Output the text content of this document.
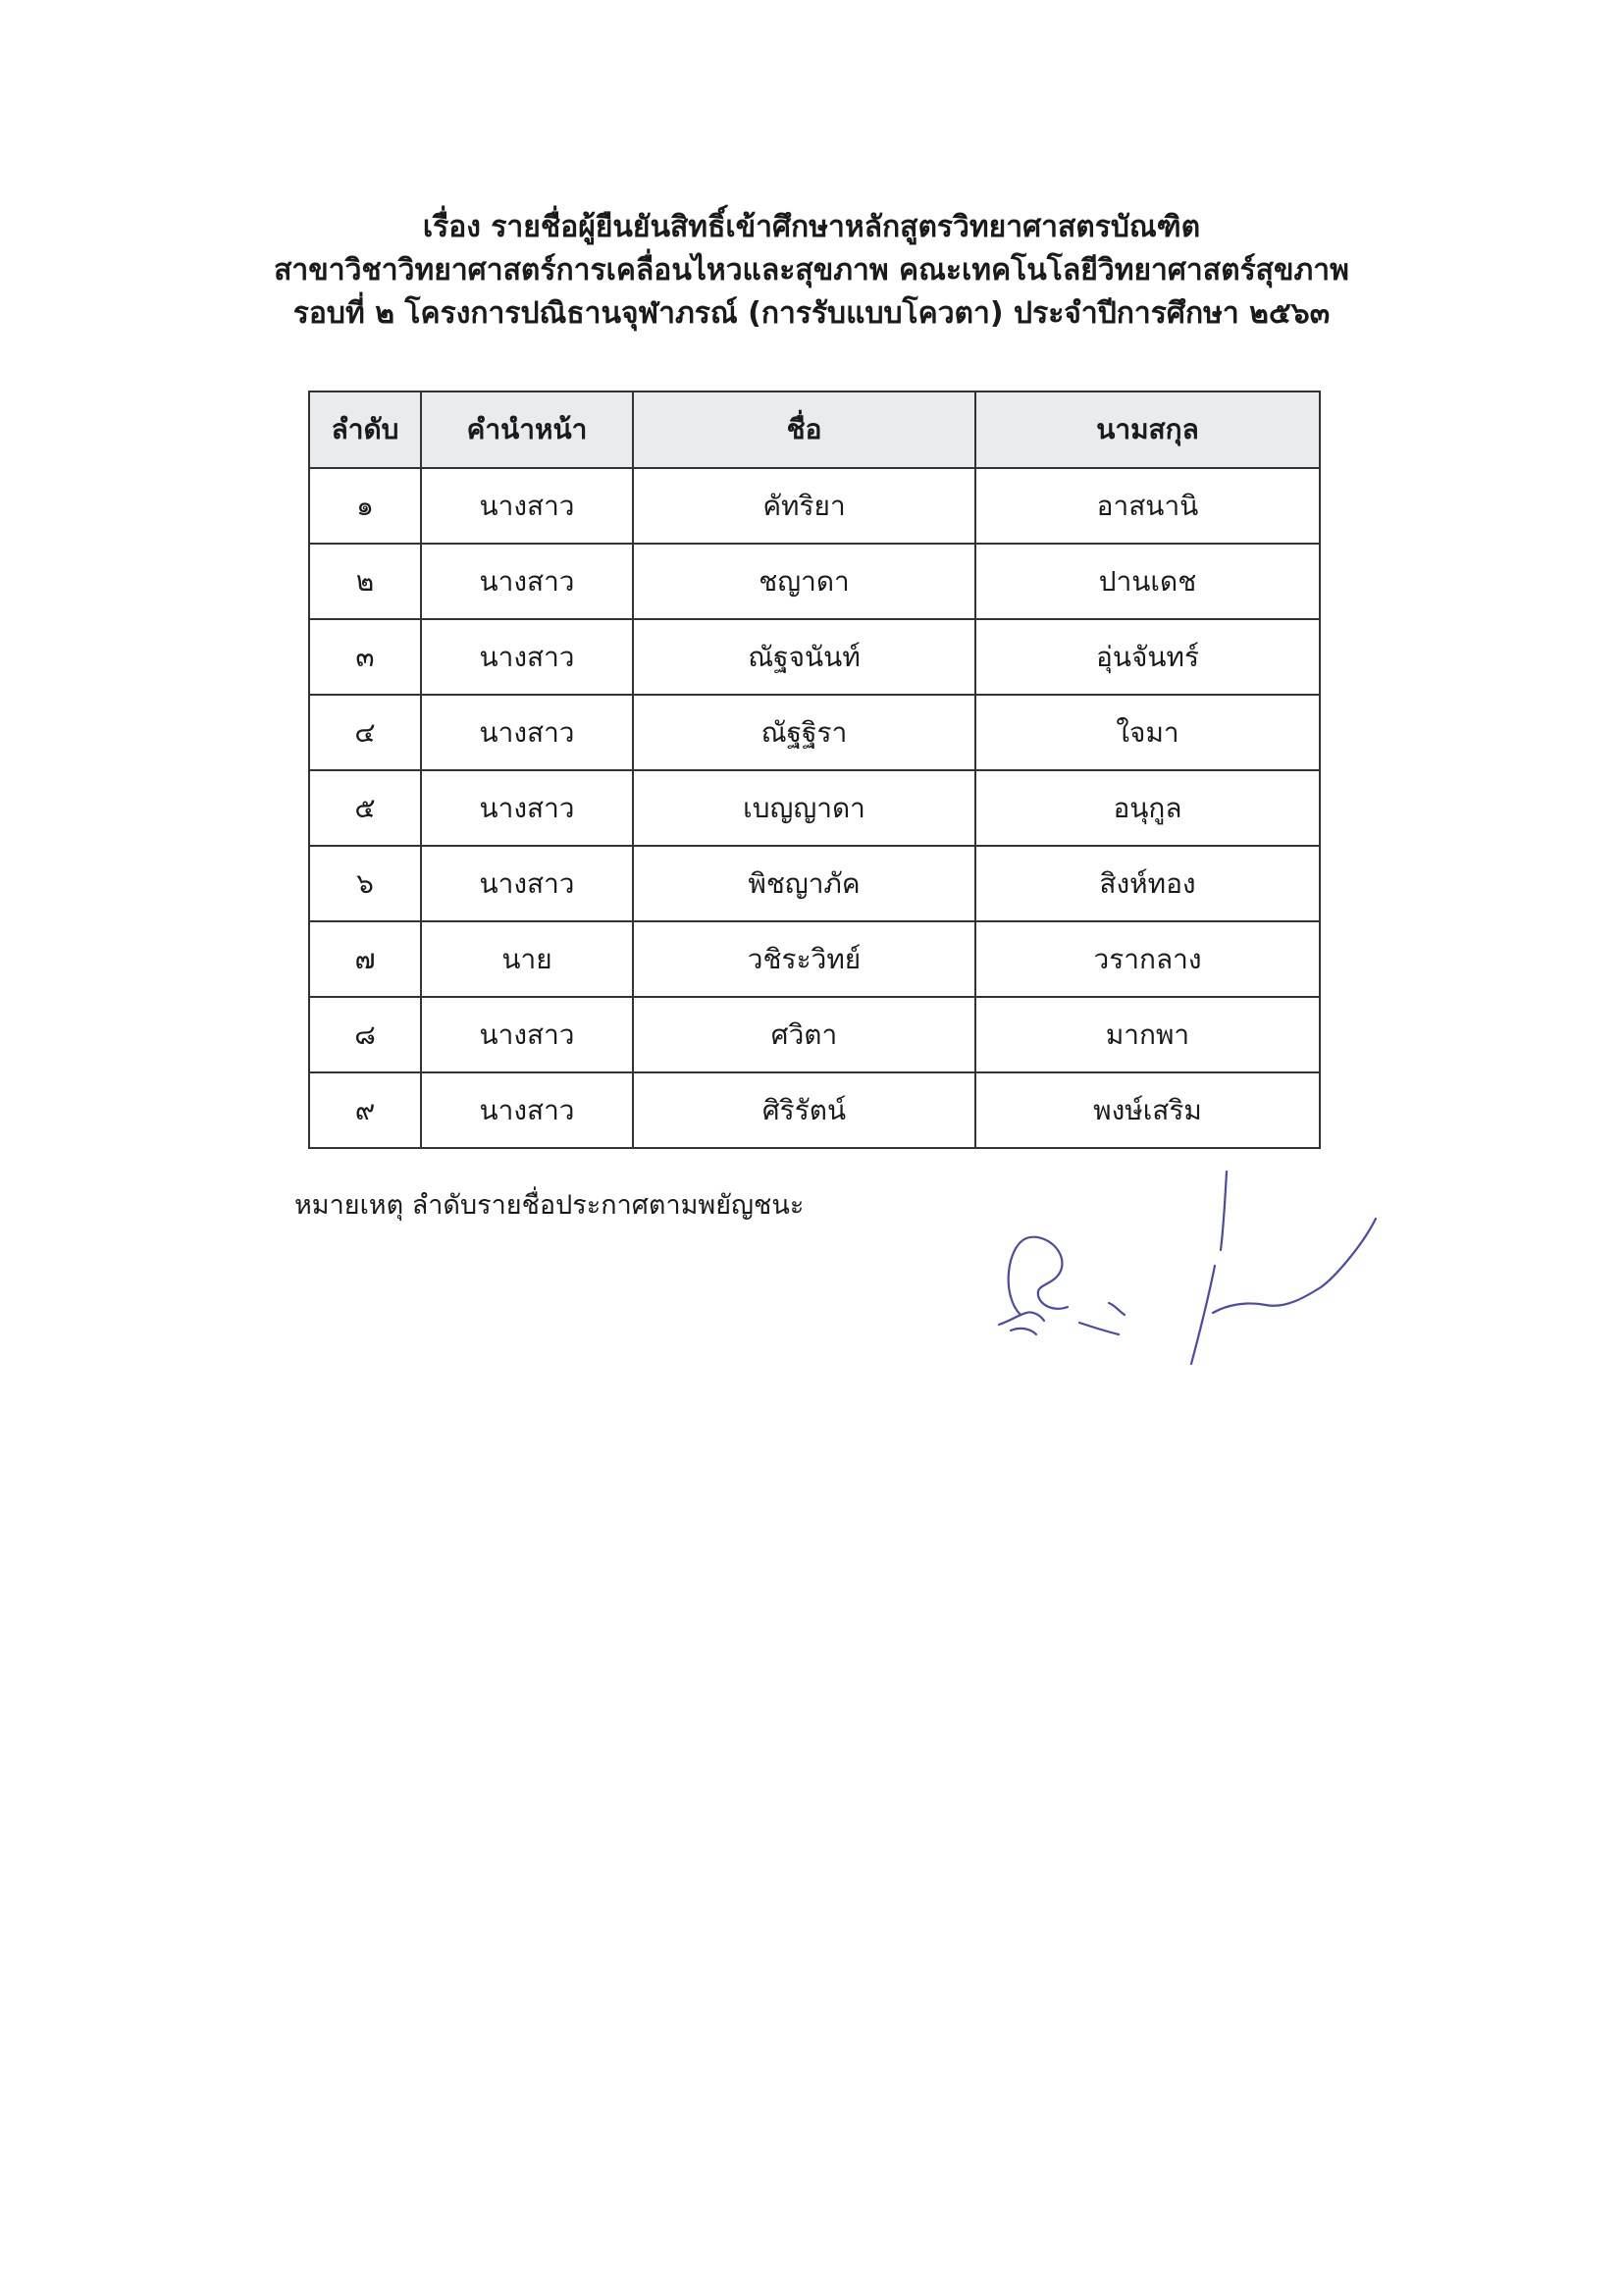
เรื่อง รายชื่อผู้ยืนยันสิทธิ์เข้าศึกษาหลักสูตรวิทยาศาสตรบัณฑิต
สาขาวิชาวิทยาศาสตร์การเคลื่อนไหวและสุขภาพ คณะเทคโนโลยีวิทยาศาสตร์สุขภาพ
รอบที่ ๒ โครงการปณิธานจุฬาภรณ์ (การรับแบบโควตา) ประจำปีการศึกษา ๒๕๖๓
ลำดับ	คำนำหน้า	ชื่อ	นามสกุล
๑	นางสาว	คัทริยา	อาสนานิ
๒	นางสาว	ชญาดา	ปานเดช
๓	นางสาว	ณัฐจนันท์	อุ่นจันทร์
๔	นางสาว	ณัฐฐิรา	ใจมา
๕	นางสาว	เบญญาดา	อนุกูล
๖	นางสาว	พิชญาภัค	สิงห์ทอง
๗	นาย	วชิระวิทย์	วรากลาง
๘	นางสาว	ศวิตา	มากพา
๙	นางสาว	ศิริรัตน์	พงษ์เสริม
หมายเหตุ ลำดับรายชื่อประกาศตามพยัญชนะ
